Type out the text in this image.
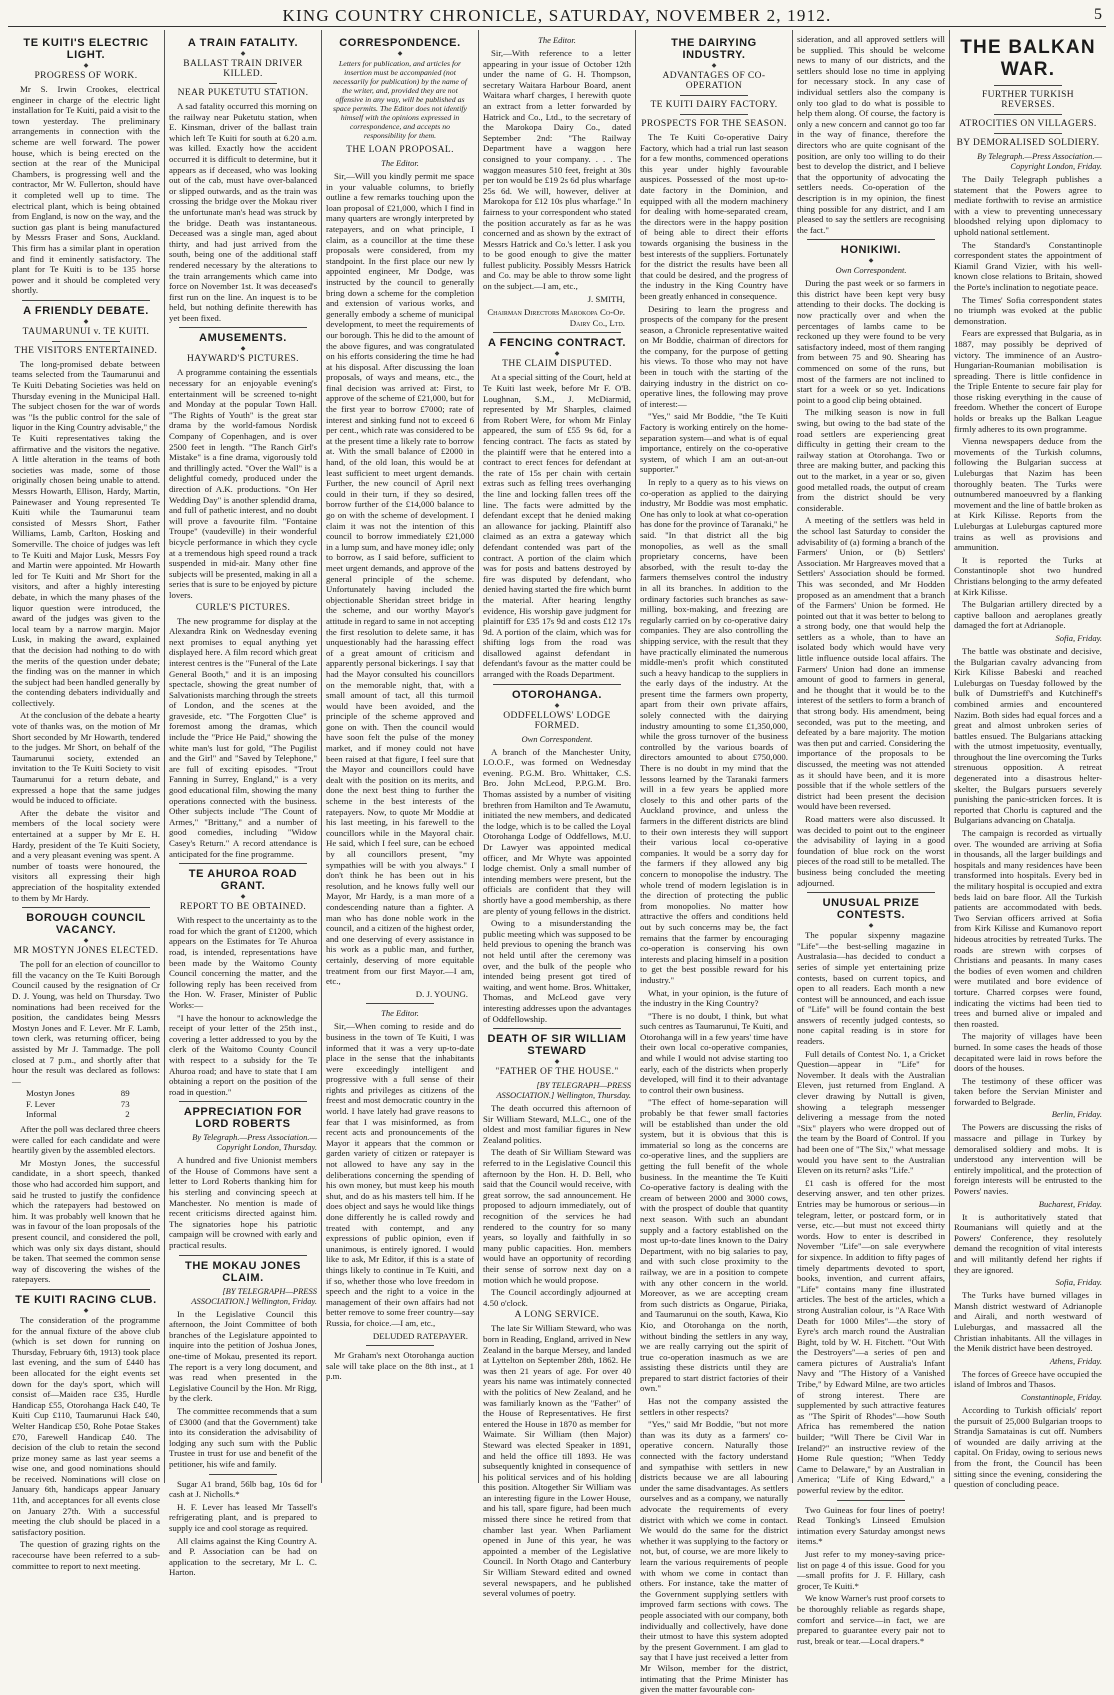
KING COUNTRY CHRONICLE, SATURDAY, NOVEMBER 2, 1912.	5
TE KUITI'S ELECTRIC LIGHT.
◆
PROGRESS OF WORK.

Mr S. Irwin Crookes, electrical engineer in charge of the electric light installation for Te Kuiti, paid a visit to the town yesterday. The preliminary arrangements in connection with the scheme are well forward. The power house, which is being erected on the section at the rear of the Municipal Chambers, is progressing well and the contractor, Mr W. Fullerton, should have it completed well up to time. The electrical plant, which is being obtained from England, is now on the way, and the suction gas plant is being manufactured by Messrs Fraser and Sons, Auckland. This firm has a similar plant in operation and find it eminently satisfactory. The plant for Te Kuiti is to be 135 horse power and it should be completed very shortly.

A FRIENDLY DEBATE.
◆
TAUMARUNUI v. TE KUITI.
THE VISITORS ENTERTAINED.

The long-promised debate between teams selected from the Taumarunui and Te Kuiti Debating Societies was held on Thursday evening in the Municipal Hall. The subject chosen for the war of words was "Is the public control for the sale of liquor in the King Country advisable," the Te Kuiti representatives taking the affirmative and the visitors the negative. A little alteration in the teams of both societies was made, some of those originally chosen being unable to attend. Messrs Howarth, Ellison, Hardy, Martin, Painewaser and Young represented Te Kuiti while the Taumarunui team consisted of Messrs Short, Father Williams, Lamb, Carlton, Hosking and Somerville. The choice of judges was left to Te Kuiti and Major Lusk, Messrs Foy and Martin were appointed. Mr Howarth led for Te Kuiti and Mr Short for the visitors, and after a highly interesting debate, in which the many phases of the liquor question were introduced, the award of the judges was given to the local team by a narrow margin. Major Lusk, in making the award, explained that the decision had nothing to do with the merits of the question under debate; the finding was on the manner in which the subject had been handled generally by the contending debaters individually and collectively.

At the conclusion of the debate a hearty vote of thanks was, on the motion of Mr Short seconded by Mr Howarth, tendered to the judges. Mr Short, on behalf of the Taumarunui society, extended an invitation to the Te Kuiti Society to visit Taumarunui for a return debate, and expressed a hope that the same judges would be induced to officiate.

After the debate the visitor and members of the local society were entertained at a supper by Mr E. H. Hardy, president of the Te Kuiti Society, and a very pleasant evening was spent. A number of toasts were honoured, the visitors all expressing their high appreciation of the hospitality extended to them by Mr Hardy.

BOROUGH COUNCIL VACANCY.
◆
MR MOSTYN JONES ELECTED.

The poll for an election of councillor to fill the vacancy on the Te Kuiti Borough Council caused by the resignation of Cr D. J. Young, was held on Thursday. Two nominations had been received for the position, the candidates being Messrs Mostyn Jones and F. Lever. Mr F. Lamb, town clerk, was returning officer, being assisted by Mr J. Tammadge. The poll closed at 7 p.m., and shortly after that hour the result was declared as follows:—

Mostyn Jones	89
F. Lever	73
Informal	2

After the poll was declared three cheers were called for each candidate and were heartily given by the assembled electors.

Mr Mostyn Jones, the successful candidate, in a short speech, thanked those who had accorded him support, and said he trusted to justify the confidence which the ratepayers had bestowed on him. It was probably well known that he was in favour of the loan proposals of the present council, and considered the poll, which was only six days distant, should be taken. That seemed the common sense way of discovering the wishes of the ratepayers.

TE KUITI RACING CLUB.
◆

The consideration of the programme for the annual fixture of the above club (which is set down for running on Thursday, February 6th, 1913) took place last evening, and the sum of £440 has been allocated for the eight events set down for the day's sport, which will consist of—Maiden race £35, Hurdle Handicap £55, Otorohanga Hack £40, Te Kuiti Cup £110, Taumarunui Hack £40, Welter Handicap £50, Rohe Potae Stakes £70, Farewell Handicap £40. The decision of the club to retain the second prize money same as last year seems a wise one, and good nominations should be received. Nominations will close on January 6th, handicaps appear January 11th, and acceptances for all events close on January 27th. With a successful meeting the club should be placed in a satisfactory position.

The question of grazing rights on the racecourse have been referred to a sub-committee to report to next meeting.

A TRAIN FATALITY.
◆
BALLAST TRAIN DRIVER KILLED.
NEAR PUKETUTU STATION.

A sad fatality occurred this morning on the railway near Puketutu station, when E. Kinsman, driver of the ballast train which left Te Kuiti for south at 6.20 a.m. was killed. Exactly how the accident occurred it is difficult to determine, but it appears as if deceased, who was looking out of the cab, must have over-balanced or slipped outwards, and as the train was crossing the bridge over the Mokau river the unfortunate man's head was struck by the bridge. Death was instantaneous. Deceased was a single man, aged about thirty, and had just arrived from the south, being one of the additional staff rendered necessary by the alterations to the train arrangements which came into force on November 1st. It was deceased's first run on the line. An inquest is to be held, but nothing definite therewith has yet been fixed.

AMUSEMENTS.
◆
HAYWARD'S PICTURES.

A programme containing the essentials necessary for an enjoyable evening's entertainment will be screened to-night and Monday at the popular Town Hall. "The Rights of Youth" is the great star drama by the world-famous Nordisk Company of Copenhagen, and is over 2500 feet in length. "The Ranch Girl's Mistake" is a fine drama, vigorously told and thrillingly acted. "Over the Wall" is a delightful comedy, produced under the direction of A.K. productions. "On Her Wedding Day" is another splendid drama, and full of pathetic interest, and no doubt will prove a favourite film. "Fontaine Troupe" (vaudeville) in their wonderful bicycle performance in which they cycle at a tremendous high speed round a track suspended in mid-air. Many other fine subjects will be presented, making in all a series that is sure to be enjoyed by picture lovers.

CURLE'S PICTURES.

The new programme for display at the Alexandra Rink on Wednesday evening next promises to equal anything yet displayed here. A film record which great interest centres is the "Funeral of the Late General Booth," and it is an imposing spectacle, showing the great number of Salvationists marching through the streets of London, and the scenes at the graveside, etc. "The Forgotten Clue" is foremost among the dramas, which include the "Price He Paid," showing the white man's lust for gold, "The Pugilist and the Girl" and "Saved by Telephone," are full of exciting episodes. "Trout Fanning in Surrey, England," is a very good educational film, showing the many operations connected with the business. Other subjects include "The Count of Armes," "Brittany," and a number of good comedies, including "Widow Casey's Return." A record attendance is anticipated for the fine programme.

TE AHUROA ROAD GRANT.
◆
REPORT TO BE OBTAINED.

With respect to the uncertainty as to the road for which the grant of £1200, which appears on the Estimates for Te Ahuroa road, is intended, representations have been made by the Waitomo County Council concerning the matter, and the following reply has been received from the Hon. W. Fraser, Minister of Public Works:—

"I have the honour to acknowledge the receipt of your letter of the 25th inst., covering a letter addressed to you by the clerk of the Waitomo County Council with respect to a subsidy for the Te Ahuroa road; and have to state that I am obtaining a report on the position of the road in question."

APPRECIATION FOR LORD ROBERTS
By Telegraph.—Press Association.—Copyright London, Thursday.

A hundred and five Unionist members of the House of Commons have sent a letter to Lord Roberts thanking him for his sterling and convincing speech at Manchester. No mention is made of recent criticisms directed against him. The signatories hope his patriotic campaign will be crowned with early and practical results.

THE MOKAU JONES CLAIM.
[BY TELEGRAPH—PRESS ASSOCIATION.] Wellington, Friday.

In the Legislative Council this afternoon, the Joint Committee of both branches of the Legislature appointed to inquire into the petition of Joshua Jones, one-time of Mokau, presented its report. The report is a very long document, and was read when presented in the Legislative Council by the Hon. Mr Rigg, by the clerk.

The committee recommends that a sum of £3000 (and that the Government) take into its consideration the advisability of lodging any such sum with the Public Trustee in trust for use and benefit of the petitioner, his wife and family.

Sugar A1 brand, 56lb bag, 10s 6d for cash at J. Nicholls.*

H. F. Lever has leased Mr Tassell's refrigerating plant, and is prepared to supply ice and cool storage as required.

All claims against the King Country A. and P. Association can be had on application to the secretary, Mr L. C. Harton.

CORRESPONDENCE.
◆
Letters for publication, and articles for insertion must be accompanied (not necessarily for publication) by the name of the writer, and, provided they are not offensive in any way, will be published as space permits. The Editor does not identify himself with the opinions expressed in correspondence, and accepts no responsibility for them.
THE LOAN PROPOSAL.
The Editor.

Sir,—Will you kindly permit me space in your valuable columns, to briefly outline a few remarks touching upon the loan proposal of £21,000, which I find in many quarters are wrongly interpreted by ratepayers, and on what principle, I claim, as a councillor at the time these proposals were considered, from my standpoint. In the first place our new ly appointed engineer, Mr Dodge, was instructed by the council to generally bring down a scheme for the completion and extension of various works, and generally embody a scheme of municipal development, to meet the requirements of our borough. This he did to the amount of the above figures, and was congratulated on his efforts considering the time he had at his disposal. After discussing the loan proposals, of ways and means, etc., the final decision was arrived at: First, to approve of the scheme of £21,000, but for the first year to borrow £7000; rate of interest and sinking fund not to exceed 6 per cent., which rate was considered to be at the present time a likely rate to borrow at. With the small balance of £2000 in hand, of the old loan, this would be at least sufficient to meet urgent demands. Further, the new council of April next could in their turn, if they so desired, borrow further of the £14,000 balance to go on with the scheme of development. I claim it was not the intention of this council to borrow immediately £21,000 in a lump sum, and have money idle; only to borrow, as I said before, sufficient to meet urgent demands, and approve of the general principle of the scheme. Unfortunately having included the objectionable Sheridan street bridge in the scheme, and our worthy Mayor's attitude in regard to same in not accepting the first resolution to delete same, it has unquestionably had the harassing effect of a great amount of criticism and apparently personal bickerings. I say that had the Mayor consulted his councillors on the memorable night, that, with a small amount of tact, all this turmoil would have been avoided, and the principle of the scheme approved and gone on with. Then the council would have soon felt the pulse of the money market, and if money could not have been raised at that figure, I feel sure that the Mayor and councillors could have dealt with the position on its merits, and done the next best thing to further the scheme in the best interests of the ratepayers. Now, to quote Mr Moddie at his last meeting, in his farewell to the councillors while in the Mayoral chair. He said, which I feel sure, can be echoed by all councillors present, "my sympathies will be with you always." I don't think he has been out in his resolution, and he knows fully well our Mayor, Mr Hardy, is a man more of a condescending nature than a fighter. A man who has done noble work in the council, and a citizen of the highest order, and one deserving of every assistance in his work as a public man, and further, certainly, deserving of more equitable treatment from our first Mayor.—I am, etc.,

D. J. YOUNG.

The Editor.

Sir,—When coming to reside and do business in the town of Te Kuiti, I was informed that it was a very up-to-date place in the sense that the inhabitants were exceedingly intelligent and progressive with a full sense of their rights and privileges as citizens of the freest and most democratic country in the world. I have lately had grave reasons to fear that I was misinformed, as from recent acts and pronouncements of the Mayor it appears that the common or garden variety of citizen or ratepayer is not allowed to have any say in the deliberations concerning the spending of his own money, but must keep his mouth shut, and do as his masters tell him. If he does object and says he would like things done differently he is called rowdy and treated with contempt, and any expressions of public opinion, even if unanimous, is entirely ignored. I would like to ask, Mr Editor, if this is a state of things likely to continue in Te Kuiti, and if so, whether those who love freedom in speech and the right to a voice in the management of their own affairs had not better remove to some freer country—say Russia, for choice.—I am, etc.,

DELUDED RATEPAYER.

Mr Graham's next Otorohanga auction sale will take place on the 8th inst., at 1 p.m.

The Editor.

Sir,—With reference to a letter appearing in your issue of October 12th under the name of G. H. Thompson, secretary Waitara Harbour Board, anent Waitara wharf charges, I herewith quote an extract from a letter forwarded by Hatrick and Co., Ltd., to the secretary of the Marokopa Dairy Co., dated September 2nd: "The Railway Department have a waggon here consigned to your company. . . . The waggon measures 510 feet, freight at 30s per ton would be £19 2s 6d plus wharfage 25s 6d. We will, however, deliver at Marokopa for £12 10s plus wharfage." In fairness to your correspondent who stated the position accurately as far as he was concerned and as shown by the extract of Messrs Hatrick and Co.'s letter. I ask you to be good enough to give the matter fullest publicity. Possibly Messrs Hatrick and Co. may be able to throw some light on the subject.—I am, etc.,

J. SMITH,

Chairman Directors Marokopa Co-Op. Dairy Co., Ltd.

A FENCING CONTRACT.
◆
THE CLAIM DISPUTED.

At a special sitting of the Court, held at Te Kuiti last week, before Mr F. O'B. Loughnan, S.M., J. McDiarmid, represented by Mr Sharples, claimed from Robert Were, for whom Mr Finlay appeared, the sum of £55 9s 6d, for a fencing contract. The facts as stated by the plaintiff were that he entered into a contract to erect fences for defendant at the rate of 15s per chain with certain extras such as felling trees overhanging the line and locking fallen trees off the line. The facts were admitted by the defendant except that he denied making an allowance for jacking. Plaintiff also claimed as an extra a gateway which defendant contended was part of the contract. A portion of the claim which was for posts and battens destroyed by fire was disputed by defendant, who denied having started the fire which burnt the material. After hearing lengthy evidence, His worship gave judgment for plaintiff for £35 17s 9d and costs £12 17s 9d. A portion of the claim, which was for shifting logs from the road was disallowed against defendant in defendant's favour as the matter could be arranged with the Roads Department.

OTOROHANGA.
◆
ODDFELLOWS' LODGE FORMED.
Own Correspondent.

A branch of the Manchester Unity, I.O.O.F., was formed on Wednesday evening. P.G.M. Bro. Whittaker, C.S. Bro. John McLeod, P.P.G.M. Bro. Thomas assisted by a number of visiting brethren from Hamilton and Te Awamutu, initiated the new members, and dedicated the lodge, which is to be called the Loyal Otorohanga Lodge of Oddfellows, M.U. Dr Lawyer was appointed medical officer, and Mr Whyte was appointed lodge chemist. Only a small number of intending members were present, but the officials are confident that they will shortly have a good membership, as there are plenty of young fellows in the district.

Owing to a misunderstanding the public meeting which was supposed to be held previous to opening the branch was not held until after the ceremony was over, and the bulk of the people who intended being present got tired of waiting, and went home. Bros. Whittaker, Thomas, and McLeod gave very interesting addresses upon the advantages of Oddfellowship.

DEATH OF SIR WILLIAM STEWARD
◆
"FATHER OF THE HOUSE."
[BY TELEGRAPH—PRESS ASSOCIATION.] Wellington, Thursday.

The death occurred this afternoon of Sir William Steward, M.L.C., one of the oldest and most familiar figures in New Zealand politics.

The death of Sir William Steward was referred to in the Legislative Council this afternoon by the Hon. H. D. Bell, who said that the Council would receive, with great sorrow, the sad announcement. He proposed to adjourn immediately, out of recognition of the services he had rendered to the country for so many years, so loyally and faithfully in so many public capacities. Hon. members would have an opportunity of recording their sense of sorrow next day on a motion which he would propose.

The Council accordingly adjourned at 4.50 o'clock.

A LONG SERVICE.

The late Sir William Steward, who was born in Reading, England, arrived in New Zealand in the barque Mersey, and landed at Lyttelton on September 28th, 1862. He was then 21 years of age. For over 40 years his name was intimately connected with the politics of New Zealand, and he was familiarly known as the "Father" of the House of Representatives. He first entered the House in 1870 as member for Waimate. Sir William (then Major) Steward was elected Speaker in 1891, and held the office till 1893. He was subsequently knighted in consequence of his political services and of his holding this position. Altogether Sir William was an interesting figure in the Lower House, and his tall, spare figure, had been much missed there since he retired from that chamber last year. When Parliament opened in June of this year, he was appointed a member of the Legislative Council. In North Otago and Canterbury Sir William Steward edited and owned several newspapers, and he published several volumes of poetry.

THE DAIRYING INDUSTRY.
◆
ADVANTAGES OF CO-OPERATION
TE KUITI DAIRY FACTORY.
PROSPECTS FOR THE SEASON.

The Te Kuiti Co-operative Dairy Factory, which had a trial run last season for a few months, commenced operations this year under highly favourable auspices. Possessed of the most up-to-date factory in the Dominion, and equipped with all the modern machinery for dealing with home-separated cream, the directors were in the happy position of being able to direct their efforts towards organising the business in the best interests of the suppliers. Fortunately for the district the results have been all that could be desired, and the progress of the industry in the King Country have been greatly enhanced in consequence.

Desiring to learn the progress and prospects of the company for the present season, a Chronicle representative waited on Mr Boddie, chairman of directors for the company, for the purpose of getting his views. To those who may not have been in touch with the starting of the dairying industry in the district on co-operative lines, the following may prove of interest:—

"Yes," said Mr Boddie, "the Te Kuiti Factory is working entirely on the home-separation system—and what is of equal importance, entirely on the co-operative system, of which I am an out-an-out supporter."

In reply to a query as to his views on co-operation as applied to the dairying industry, Mr Boddie was most emphatic. One has only to look at what co-operation has done for the province of Taranaki," he said. "In that district all the big monopolies, as well as the small proprietary concerns, have been absorbed, with the result to-day the farmers themselves control the industry in all its branches. In addition to the ordinary factories such branches as saw-milling, box-making, and freezing are regularly carried on by co-operative dairy companies. They are also controlling the shipping service, with the result that they have practically eliminated the numerous middle-men's profit which constituted such a heavy handicap to the suppliers in the early days of the industry. At the present time the farmers own property, apart from their own private affairs, solely connected with the dairying industry amounting to some £1,350,000, while the gross turnover of the business controlled by the various boards of directors amounted to about £750,000. There is no doubt in my mind that the lessons learned by the Taranaki farmers will in a few years be applied more closely to this and other parts of the Auckland province, and unless the farmers in the different districts are blind to their own interests they will support their various local co-operative companies. It would be a sorry day for the farmers if they allowed any big concern to monopolise the industry. The whole trend of modern legislation is in the direction of protecting the public from monopolies. No matter how attractive the offers and conditions held out by such concerns may be, the fact remains that the farmer by encouraging co-operation is conserving his own interests and placing himself in a position to get the best possible reward for his industry."

What, in your opinion, is the future of the industry in the King Country?

"There is no doubt, I think, but what such centres as Taumarunui, Te Kuiti, and Otorohanga will in a few years' time have their own local co-operative companies, and while I would not advise starting too early, each of the districts when properly developed, will find it to their advantage to control their own business.

"The effect of home-separation will probably be that fewer small factories will be established than under the old system, but it is obvious that this is immaterial so long as the concerns are co-operative lines, and the suppliers are getting the full benefit of the whole business. In the meantime the Te Kuiti Co-operative factory is dealing with the cream of between 2000 and 3000 cows, with the prospect of double that quantity next season. With such an abundant supply and a factory established on the most up-to-date lines known to the Dairy Department, with no big salaries to pay, and with such close proximity to the railway, we are in a position to compete with any other concern in the world. Moreover, as we are accepting cream from such districts as Ongarue, Piriaka, and Taumarunui on the south, Kawa, Kio Kio, and Otorohanga on the north, without binding the settlers in any way, we are really carrying out the spirit of true co-operation inasmuch as we are assisting these districts until they are prepared to start district factories of their own."

Has not the company assisted the settlers in other respects?

"Yes," said Mr Boddie, "but not more than was its duty as a farmers' co-operative concern. Naturally those connected with the factory understand and sympathise with settlers in new districts because we are all labouring under the same disadvantages. As settlers ourselves and as a company, we naturally advocate the requirements of every district with which we come in contact. We would do the same for the district whether it was supplying to the factory or not, but, of course, we are more likely to learn the various requirements of people with whom we come in contact than others. For instance, take the matter of the Government supplying settlers with improved farm sections with cows. The people associated with our company, both individually and collectively, have done their utmost to have this system adopted by the present Government. I am glad to say that I have just received a letter from Mr Wilson, member for the district, intimating that the Prime Minister has given the matter favourable con-

sideration, and all approved settlers will be supplied. This should be welcome news to many of our districts, and the settlers should lose no time in applying for necessary stock. In any case of individual settlers also the company is only too glad to do what is possible to help them along. Of course, the factory is only a new concern and cannot go too far in the way of finance, therefore the directors who are quite cognisant of the position, are only too willing to do their best to develop the district, and I believe that the opportunity of advocating the settlers needs. Co-operation of the description is in my opinion, the finest thing possible for any district, and I am pleased to say the settlers are recognising the fact."

HONIKIWI.
◆
Own Correspondent.

During the past week or so farmers in this district have been kept very busy attending to their docks. The docking is now practically over and when the percentages of lambs came to be reckoned up they were found to be very satisfactory indeed, most of them ranging from between 75 and 90. Shearing has commenced on some of the runs, but most of the farmers are not inclined to start for a week or so yet. Indications point to a good clip being obtained.

The milking season is now in full swing, but owing to the bad state of the road settlers are experiencing great difficulty in getting their cream to the railway station at Otorohanga. Two or three are making butter, and packing this out to the market, in a year or so, given good metalled roads, the output of cream from the district should be very considerable.

A meeting of the settlers was held in the school last Saturday to consider the advisability of (a) forming a branch of the Farmers' Union, or (b) Settlers' Association. Mr Hargreaves moved that a Settlers' Association should be formed. This was seconded, and Mr Hodden proposed as an amendment that a branch of the Farmers' Union be formed. He pointed out that it was better to belong to a strong body, one that would help the settlers as a whole, than to have an isolated body which would have very little influence outside local affairs. The Farmers' Union had done an immense amount of good to farmers in general, and he thought that it would be to the interest of the settlers to form a branch of that strong body. His amendment, being seconded, was put to the meeting, and defeated by a bare majority. The motion was then put and carried. Considering the importance of the proposals to be discussed, the meeting was not attended as it should have been, and it is more possible that if the whole settlers of the district had been present the decision would have been reversed.

Road matters were also discussed. It was decided to point out to the engineer the advisability of laying in a good foundation of blue rock on the worst pieces of the road still to be metalled. The business being concluded the meeting adjourned.

UNUSUAL PRIZE CONTESTS.
◆

The popular sixpenny magazine "Life"—the best-selling magazine in Australasia—has decided to conduct a series of simple yet entertaining prize contests, based on current topics, and open to all readers. Each month a new contest will be announced, and each issue of "Life" will be found contain the best answers of recently judged contests, so none capital reading is in store for readers.

Full details of Contest No. 1, a Cricket Question—appear in "Life" for November. It deals with the Australian Eleven, just returned from England. A clever drawing by Nuttall is given, showing a telegraph messenger delivering a message from the noted "Six" players who were dropped out of the team by the Board of Control. If you had been one of "The Six," what message would you have sent to the Australian Eleven on its return? asks "Life."

£1 cash is offered for the most deserving answer, and ten other prizes. Entries may be humorous or serious—in telegram, letter, or postcard form, or in verse, etc.—but must not exceed thirty words. How to enter is described in November "Life"—on sale everywhere for sixpence. In addition to fifty pages of timely departments devoted to sport, books, invention, and current affairs, "Life" contains many fine illustrated articles. The best of the articles, which a strong Australian colour, is "A Race With Death for 1000 Miles"—the story of Eyre's arch march round the Australian Bight, told by W. H. Fitchett. "Out With the Destroyers"—a series of pen and camera pictures of Australia's Infant Navy and "The History of a Vanished Tribe," by Edward Milne, are two articles of strong interest. There are supplemented by such attractive features as "The Spirit of Rhodes"—how South Africa has remembered the nation builder; "Will There be Civil War in Ireland?" an instructive review of the Home Rule question; "When Teddy Came to Delaware," by an Australian in America; "Life of King Edward," a powerful review by the editor.

Two Guineas for four lines of poetry! Read Tonking's Linseed Emulsion intimation every Saturday amongst news items.*

Just refer to my money-saving price-list on page 4 of this issue. Good for you—small profits for J. F. Hillary, cash grocer, Te Kuiti.*

We know Warner's rust proof corsets to be thoroughly reliable as regards shape, comfort and service—in fact, we are prepared to guarantee every pair not to rust, break or tear.—Local drapers.*

THE BALKAN WAR.
FURTHER TURKISH REVERSES.
ATROCITIES ON VILLAGERS.
BY DEMORALISED SOLDIERY.
By Telegraph.—Press Association.—Copyright London, Friday.

The Daily Telegraph publishes a statement that the Powers agree to mediate forthwith to revise an armistice with a view to preventing unnecessary bloodshed relying upon diplomacy to uphold national settlement.

The Standard's Constantinople correspondent states the appointment of Kiamil Grand Vizier, with his well-known close relations to Britain, showed the Porte's inclination to negotiate peace.

The Times' Sofia correspondent states no triumph was evoked at the public demonstration.

Fears are expressed that Bulgaria, as in 1887, may possibly be deprived of victory. The imminence of an Austro-Hungarian-Roumanian mobilisation is spreading. There is little confidence in the Triple Entente to secure fair play for those risking everything in the cause of freedom. Whether the concert of Europe holds or breaks up the Balkan League firmly adheres to its own programme.

Vienna newspapers deduce from the movements of the Turkish columns, following the Bulgarian success at Luleburgas that Nazim has been thoroughly beaten. The Turks were outnumbered manoeuvred by a flanking movement and the line of battle broken as at Kirk Kilisse. Reports from the Luleburgas at Luleburgas captured more trains as well as provisions and ammunition.

It is reported the Turks at Constantinople shot two hundred Christians belonging to the army defeated at Kirk Kilisse.

The Bulgarian artillery directed by a captive balloon and aeroplanes greatly damaged the fort at Adrianople.

Sofia, Friday.

The battle was obstinate and decisive, the Bulgarian cavalry advancing from Kirk Kilisse Babeski and reached Luleburgas on Tuesday followed by the bulk of Dumstrieff's and Kutchineff's combined armies and encountered Nazim. Both sides had equal forces and a great and almost unbroken series of battles ensued. The Bulgarians attacking with the utmost impetuosity, eventually, throughout the line overcoming the Turks strenuous opposition. A retreat degenerated into a disastrous helter-skelter, the Bulgars pursuers severely punishing the panic-stricken forces. It is reported that Chorlu is captured and the Bulgarians advancing on Chatalja.

The campaign is recorded as virtually over. The wounded are arriving at Sofia in thousands, all the larger buildings and hospitals and many residences have been transformed into hospitals. Every bed in the military hospital is occupied and extra beds laid on bare floor. All the Turkish patients are accommodated with beds. Two Servian officers arrived at Sofia from Kirk Kilisse and Kumanovo report hideous atrocities by retreated Turks. The roads are strewn with corpses of Christians and peasants. In many cases the bodies of even women and children were mutilated and bore evidence of torture. Charred corpses were found, indicating the victims had been tied to trees and burned alive or impaled and then roasted.

The majority of villages have been burned. In some cases the heads of those decapitated were laid in rows before the doors of the houses.

The testimony of these officer was taken before the Servian Minister and forwarded to Belgrade.

Berlin, Friday.

The Powers are discussing the risks of massacre and pillage in Turkey by demoralised soldiery and mobs. It is understood any intervention will be entirely impolitical, and the protection of foreign interests will be entrusted to the Powers' navies.

Bucharest, Friday.

It is authoritatively stated that Roumanians will quietly and at the Powers' Conference, they resolutely demand the recognition of vital interests and will militantly defend her rights if they are ignored.

Sofia, Friday.

The Turks have burned villages in Mansh district westward of Adrianople and Airali, and north westward of Luleburgas, and massacred all the Christian inhabitants. All the villages in the Menik district have been destroyed.

Athens, Friday.

The forces of Greece have occupied the island of Imbros and Thasos.

Constantinople, Friday.

According to Turkish officials' report the pursuit of 25,000 Bulgarian troops to Strandja Samatainas is cut off. Numbers of wounded are daily arriving at the capital. On Friday, owing to serious news from the front, the Council has been sitting since the evening, considering the question of concluding peace.
